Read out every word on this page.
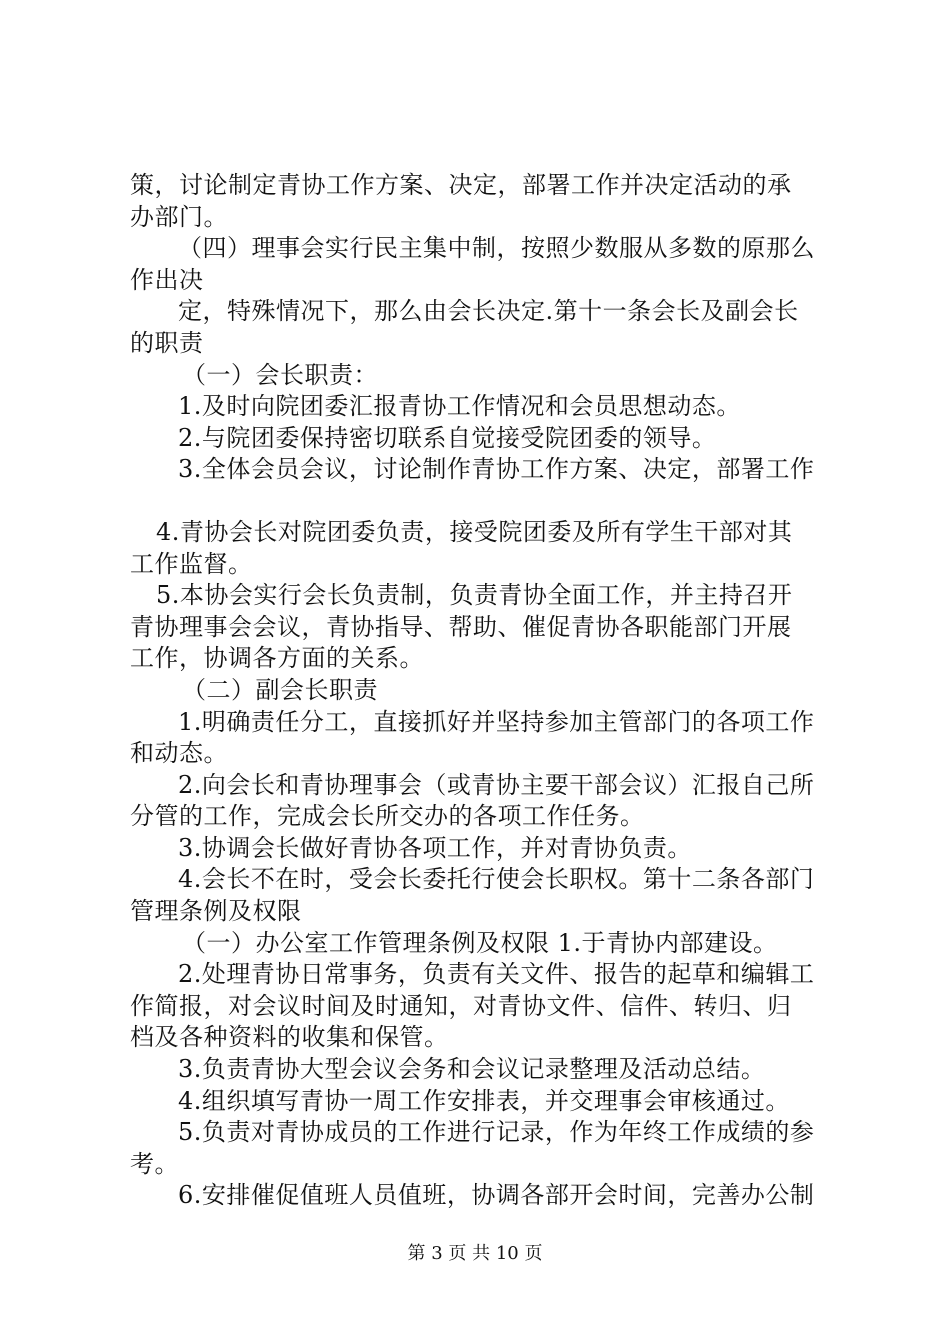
策，讨论制定青协工作方案、决定，部署工作并决定活动的承
办部门。
（四）理事会实行民主集中制，按照少数服从多数的原那么
作出决
定，特殊情况下，那么由会长决定.第十一条会长及副会长
的职责
（一）会长职责：
1.及时向院团委汇报青协工作情况和会员思想动态。
2.与院团委保持密切联系自觉接受院团委的领导。
3.全体会员会议，讨论制作青协工作方案、决定，部署工作
4.青协会长对院团委负责，接受院团委及所有学生干部对其
工作监督。
5.本协会实行会长负责制，负责青协全面工作，并主持召开
青协理事会会议，青协指导、帮助、催促青协各职能部门开展
工作，协调各方面的关系。
（二）副会长职责
1.明确责任分工，直接抓好并坚持参加主管部门的各项工作
和动态。
2.向会长和青协理事会（或青协主要干部会议）汇报自己所
分管的工作，完成会长所交办的各项工作任务。
3.协调会长做好青协各项工作，并对青协负责。
4.会长不在时，受会长委托行使会长职权。第十二条各部门
管理条例及权限
（一）办公室工作管理条例及权限 1.于青协内部建设。
2.处理青协日常事务，负责有关文件、报告的起草和编辑工
作简报，对会议时间及时通知，对青协文件、信件、转归、归
档及各种资料的收集和保管。
3.负责青协大型会议会务和会议记录整理及活动总结。
4.组织填写青协一周工作安排表，并交理事会审核通过。
5.负责对青协成员的工作进行记录，作为年终工作成绩的参
考。
6.安排催促值班人员值班，协调各部开会时间，完善办公制
第 3 页 共 10 页
